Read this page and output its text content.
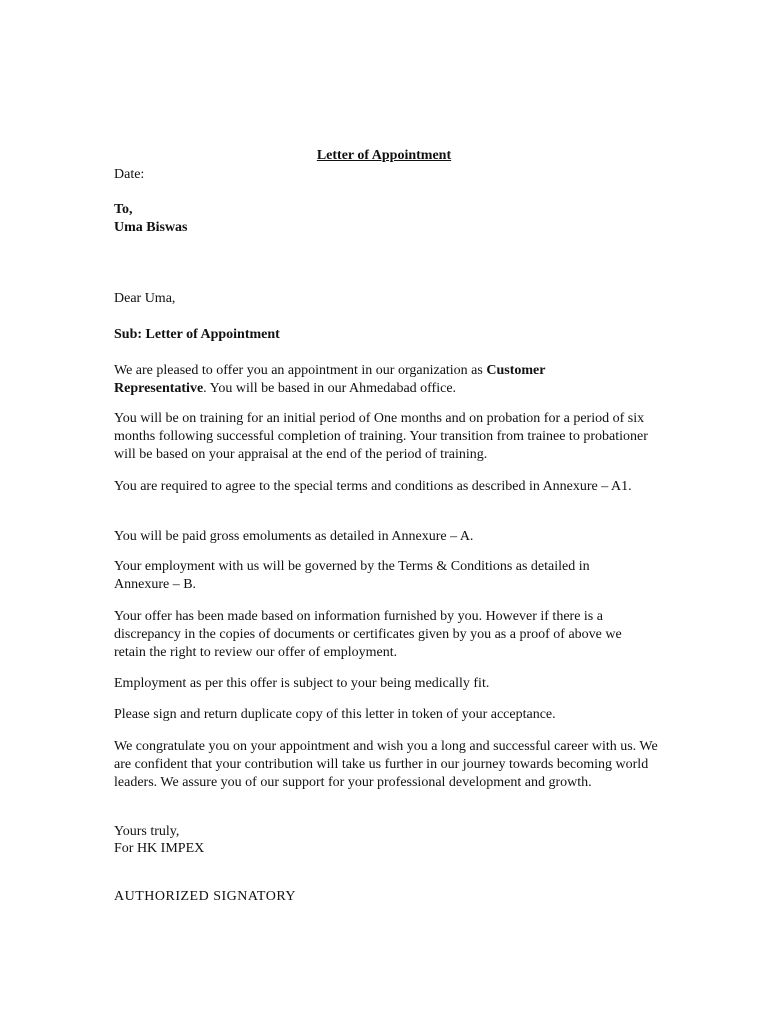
Letter of Appointment
Date:
To,
Uma Biswas
Dear Uma,
Sub: Letter of Appointment
We are pleased to offer you an appointment in our organization as Customer Representative. You will be based in our Ahmedabad office.
You will be on training for an initial period of One months and on probation for a period of six months following successful completion of training. Your transition from trainee to probationer will be based on your appraisal at the end of the period of training.
You are required to agree to the special terms and conditions as described in Annexure – A1.
You will be paid gross emoluments as detailed in Annexure – A.
Your employment with us will be governed by the Terms & Conditions as detailed in Annexure – B.
Your offer has been made based on information furnished by you. However if there is a discrepancy in the copies of documents or certificates given by you as a proof of above we retain the right to review our offer of employment.
Employment as per this offer is subject to your being medically fit.
Please sign and return duplicate copy of this letter in token of your acceptance.
We congratulate you on your appointment and wish you a long and successful career with us. We are confident that your contribution will take us further in our journey towards becoming world leaders. We assure you of our support for your professional development and growth.
Yours truly,
For HK IMPEX
AUTHORIZED SIGNATORY
